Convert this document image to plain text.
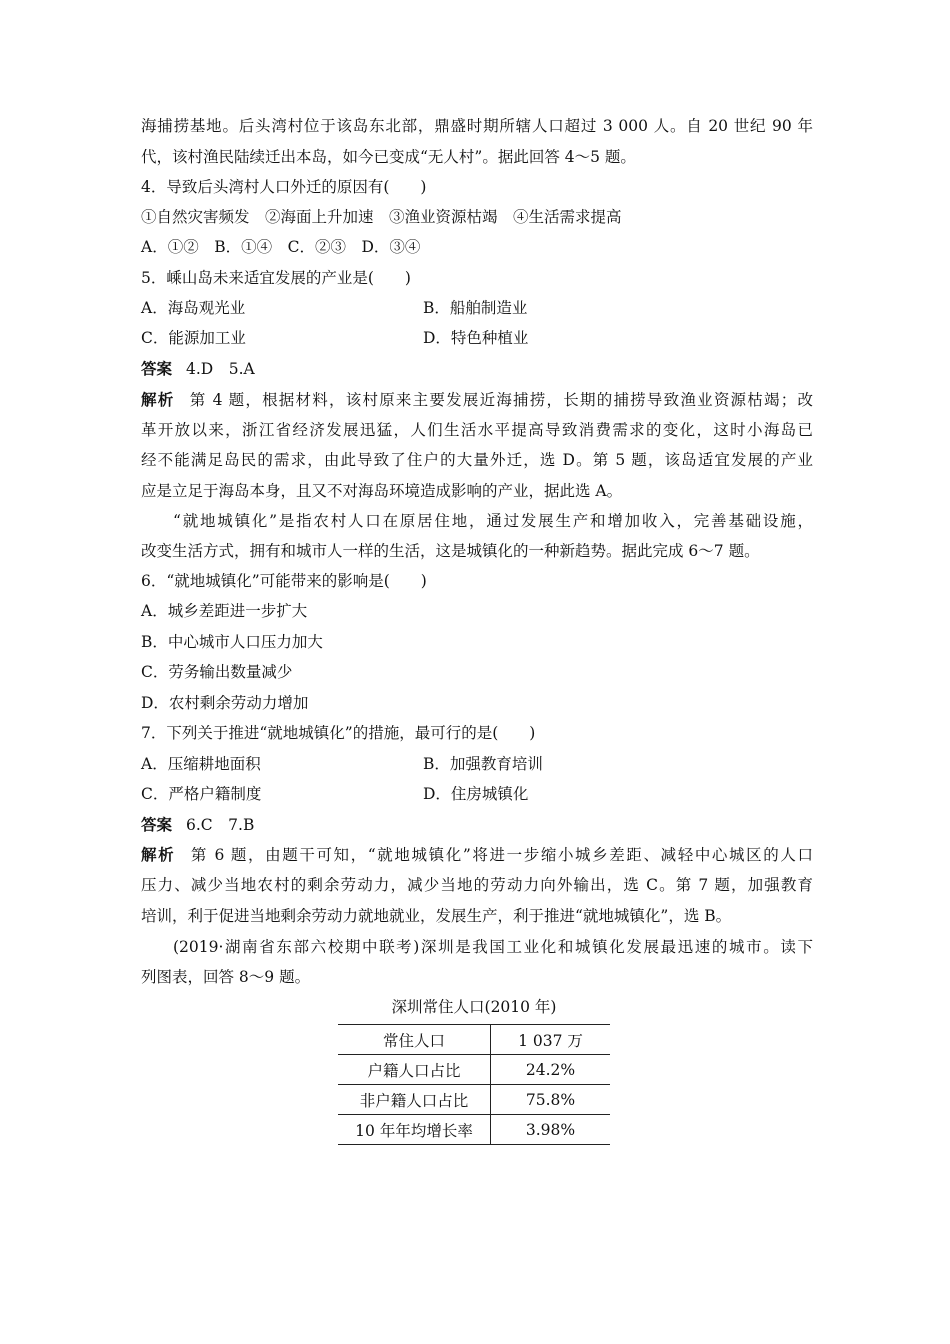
海捕捞基地。后头湾村位于该岛东北部，鼎盛时期所辖人口超过 3 000 人。自 20 世纪 90 年
代，该村渔民陆续迁出本岛，如今已变成“无人村”。据此回答 4～5 题。
4．导致后头湾村人口外迁的原因有(　　)
①自然灾害频发　②海面上升加速　③渔业资源枯竭　④生活需求提高
A．①②　B．①④　C．②③　D．③④
5．嵊山岛未来适宜发展的产业是(　　)
A．海岛观光业	B．船舶制造业
C．能源加工业	D．特色种植业
答案 4.D　5.A
解析 第 4 题，根据材料，该村原来主要发展近海捕捞，长期的捕捞导致渔业资源枯竭；改
革开放以来，浙江省经济发展迅猛，人们生活水平提高导致消费需求的变化，这时小海岛已
经不能满足岛民的需求，由此导致了住户的大量外迁，选 D。第 5 题，该岛适宜发展的产业
应是立足于海岛本身，且又不对海岛环境造成影响的产业，据此选 A。
“就地城镇化”是指农村人口在原居住地，通过发展生产和增加收入，完善基础设施，
改变生活方式，拥有和城市人一样的生活，这是城镇化的一种新趋势。据此完成 6～7 题。
6．“就地城镇化”可能带来的影响是(　　)
A．城乡差距进一步扩大
B．中心城市人口压力加大
C．劳务输出数量减少
D．农村剩余劳动力增加
7．下列关于推进“就地城镇化”的措施，最可行的是(　　)
A．压缩耕地面积	B．加强教育培训
C．严格户籍制度	D．住房城镇化
答案 6.C　7.B
解析 第 6 题，由题干可知，“就地城镇化”将进一步缩小城乡差距、减轻中心城区的人口
压力、减少当地农村的剩余劳动力，减少当地的劳动力向外输出，选 C。第 7 题，加强教育
培训，利于促进当地剩余劳动力就地就业，发展生产，利于推进“就地城镇化”，选 B。
(2019·湖南省东部六校期中联考)深圳是我国工业化和城镇化发展最迅速的城市。读下
列图表，回答 8～9 题。
深圳常住人口(2010 年)
常住人口	1 037 万
户籍人口占比	24.2%
非户籍人口占比	75.8%
10 年年均增长率	3.98%
